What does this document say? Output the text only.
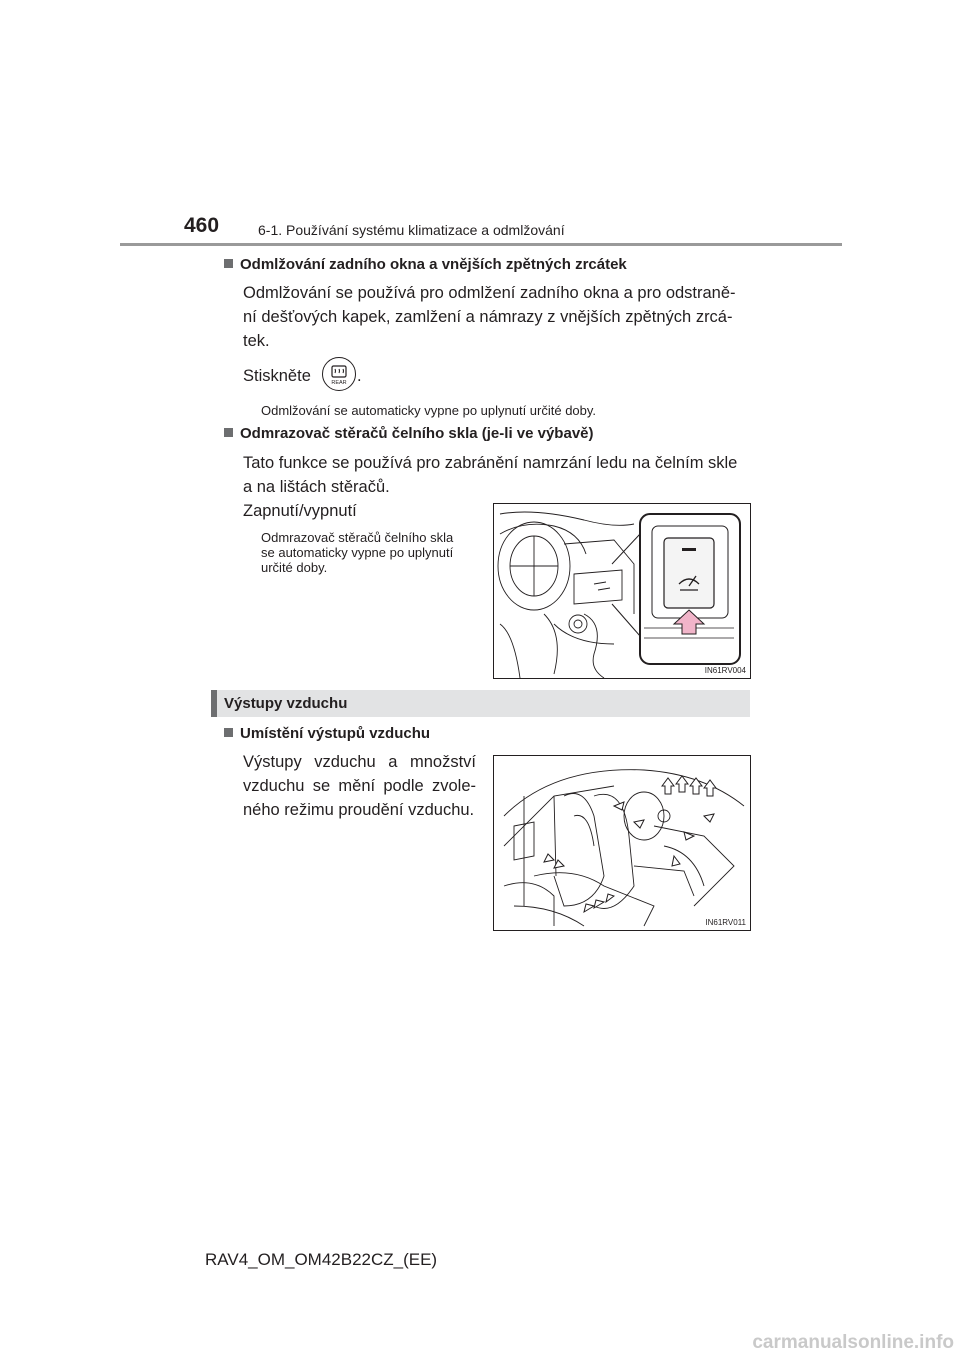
460	6-1. Používání systému klimatizace a odmlžování
Odmlžování zadního okna a vnějších zpětných zrcátek
Odmlžování se používá pro odmlžení zadního okna a pro odstraně-
ní dešťových kapek, zamlžení a námrazy z vnějších zpětných zrcá-
tek.
Stiskněte	REAR .
Odmlžování se automaticky vypne po uplynutí určité doby.
Odmrazovač stěračů čelního skla (je-li ve výbavě)
Tato funkce se používá pro zabránění namrzání ledu na čelním skle
a na lištách stěračů.
Zapnutí/vypnutí
Odmrazovač stěračů čelního skla
se automaticky vypne po uplynutí
určité doby.
IN61RV004
Výstupy vzduchu
Umístění výstupů vzduchu
Výstupy vzduchu a množství
vzduchu se mění podle zvole-
ného režimu proudění vzduchu.
IN61RV011
RAV4_OM_OM42B22CZ_(EE)
carmanualsonline.info
